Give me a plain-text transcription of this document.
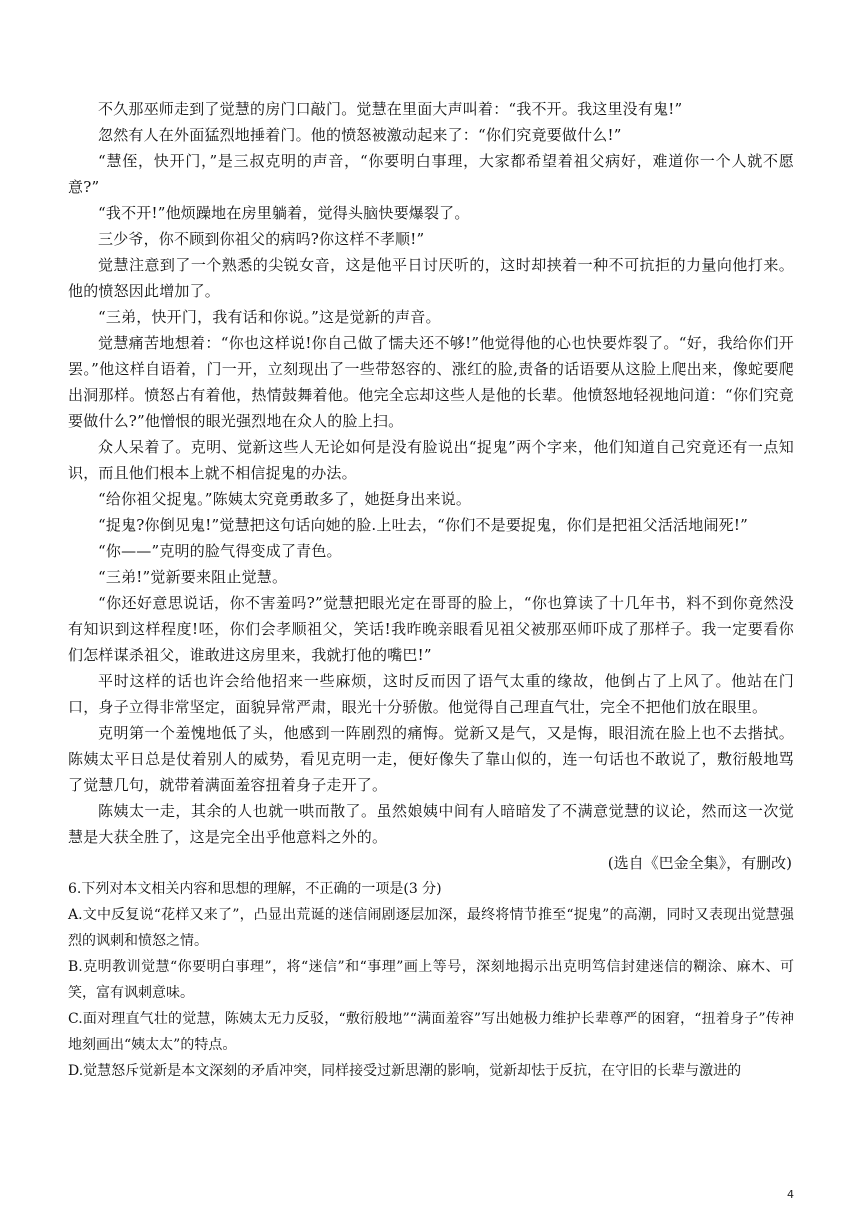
不久那巫师走到了觉慧的房门口敲门。觉慧在里面大声叫着：“我不开。我这里没有鬼!”

忽然有人在外面猛烈地捶着门。他的愤怒被激动起来了：“你们究竟要做什么!”

“慧侄，快开门，”是三叔克明的声音，“你要明白事理，大家都希望着祖父病好，难道你一个人就不愿意?”

“我不开!”他烦躁地在房里躺着，觉得头脑快要爆裂了。

三少爷，你不顾到你祖父的病吗?你这样不孝顺!”

觉慧注意到了一个熟悉的尖锐女音，这是他平日讨厌听的，这时却挟着一种不可抗拒的力量向他打来。他的愤怒因此增加了。

“三弟，快开门，我有话和你说。”这是觉新的声音。

觉慧痛苦地想着：“你也这样说!你自己做了懦夫还不够!”他觉得他的心也快要炸裂了。“好，我给你们开罢。”他这样自语着，门一开，立刻现出了一些带怒容的、涨红的脸,责备的话语要从这脸上爬出来，像蛇要爬出洞那样。愤怒占有着他，热情鼓舞着他。他完全忘却这些人是他的长辈。他愤怒地轻视地问道：“你们究竟要做什么?”他憎恨的眼光强烈地在众人的脸上扫。

众人呆着了。克明、觉新这些人无论如何是没有脸说出“捉鬼”两个字来，他们知道自己究竟还有一点知识，而且他们根本上就不相信捉鬼的办法。

“给你祖父捉鬼。”陈姨太究竟勇敢多了，她挺身出来说。

“捉鬼?你倒见鬼!”觉慧把这句话向她的脸.上吐去，“你们不是要捉鬼，你们是把祖父活活地闹死!”

“你——”克明的脸气得变成了青色。

“三弟!”觉新要来阻止觉慧。

“你还好意思说话，你不害羞吗?”觉慧把眼光定在哥哥的脸上，“你也算读了十几年书，料不到你竟然没有知识到这样程度!呸，你们会孝顺祖父，笑话!我昨晚亲眼看见祖父被那巫师吓成了那样子。我一定要看你们怎样谋杀祖父，谁敢进这房里来，我就打他的嘴巴!”

平时这样的话也许会给他招来一些麻烦，这时反而因了语气太重的缘故，他倒占了上风了。他站在门口，身子立得非常坚定，面貌异常严肃，眼光十分骄傲。他觉得自己理直气壮，完全不把他们放在眼里。

克明第一个羞愧地低了头，他感到一阵剧烈的痛悔。觉新又是气，又是悔，眼泪流在脸上也不去揩拭。陈姨太平日总是仗着别人的威势，看见克明一走，便好像失了靠山似的，连一句话也不敢说了，敷衍般地骂了觉慧几句，就带着满面羞容扭着身子走开了。

陈姨太一走，其余的人也就一哄而散了。虽然娘姨中间有人暗暗发了不满意觉慧的议论，然而这一次觉慧是大获全胜了，这是完全出乎他意料之外的。

(选自《巴金全集》，有删改)

6.下列对本文相关内容和思想的理解，不正确的一项是(3 分)

A.文中反复说“花样又来了”，凸显出荒诞的迷信闹剧逐层加深，最终将情节推至“捉鬼”的高潮，同时又表现出觉慧强烈的讽刺和愤怒之情。

B.克明教训觉慧“你要明白事理”，将“迷信”和“事理”画上等号，深刻地揭示出克明笃信封建迷信的糊涂、麻木、可笑，富有讽刺意味。

C.面对理直气壮的觉慧，陈姨太无力反驳，“敷衍般地”“满面羞容”写出她极力维护长辈尊严的困窘，“扭着身子”传神地刻画出“姨太太”的特点。

D.觉慧怒斥觉新是本文深刻的矛盾冲突，同样接受过新思潮的影响，觉新却怯于反抗，在守旧的长辈与激进的

4
